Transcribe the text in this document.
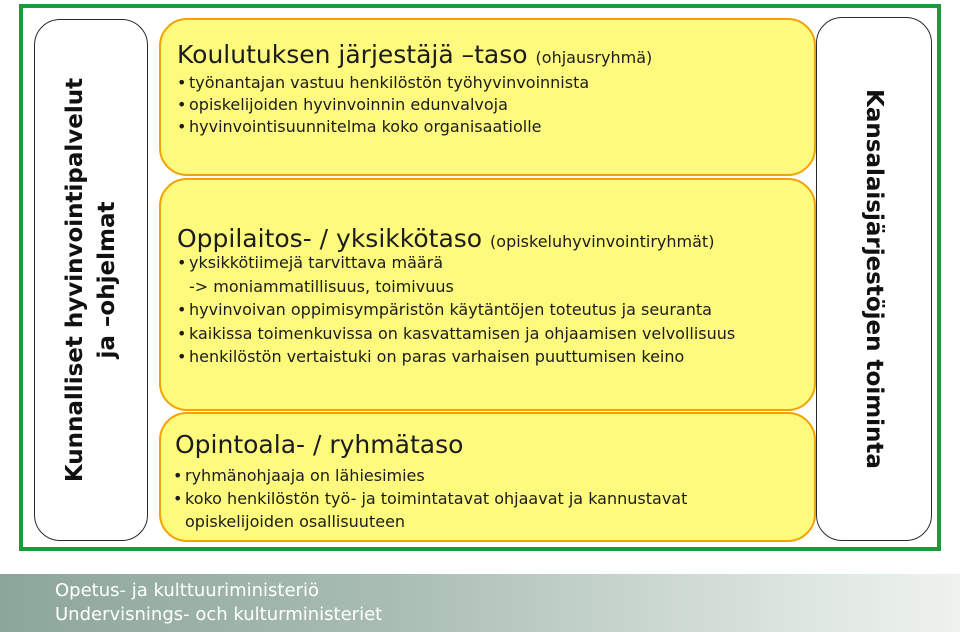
Kunnalliset hyvinvointipalvelut ja –ohjelmat	Kansalaisjärjestöjen toiminta
Koulutuksen järjestäjä –taso (ohjausryhmä)
• työnantajan vastuu henkilöstön työhyvinvoinnista
• opiskelijoiden hyvinvoinnin edunvalvoja
• hyvinvointisuunnitelma koko organisaatiolle
Oppilaitos- / yksikkötaso (opiskeluhyvinvointiryhmät)
• yksikkötiimejä tarvittava määrä
-> moniammatillisuus, toimivuus
• hyvinvoivan oppimisympäristön käytäntöjen toteutus ja seuranta
• kaikissa toimenkuvissa on kasvattamisen ja ohjaamisen velvollisuus
• henkilöstön vertaistuki on paras varhaisen puuttumisen keino
Opintoala- / ryhmätaso
• ryhmänohjaaja on lähiesimies
• koko henkilöstön työ- ja toimintatavat ohjaavat ja kannustavat
opiskelijoiden osallisuuteen
Opetus- ja kulttuuriministeriö
Undervisnings- och kulturministeriet
